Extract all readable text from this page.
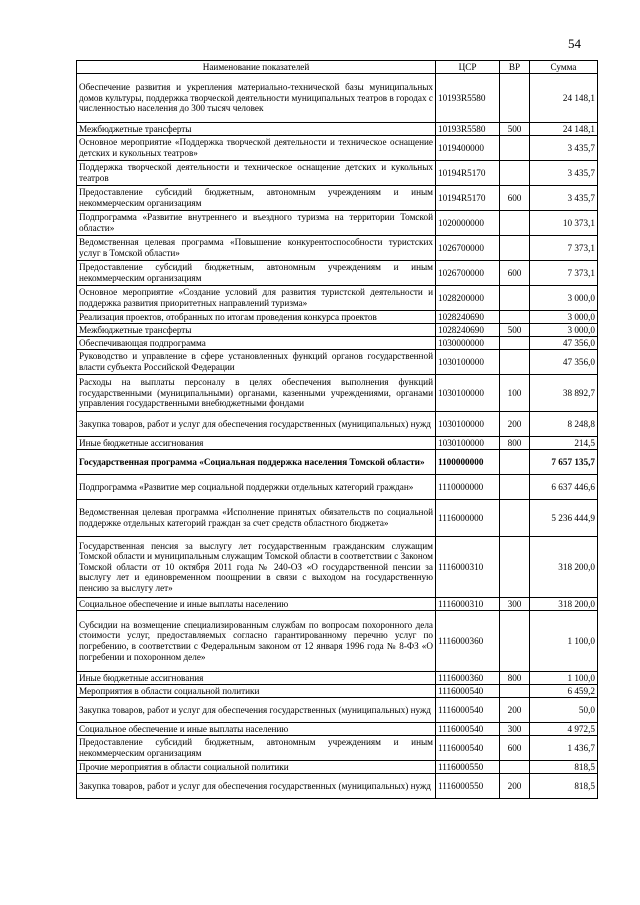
54
Наименование показателей	ЦСР	ВР	Сумма
Обеспечение развития и укрепления материально-технической базы муниципальных домов культуры, поддержка творческой деятельности муниципальных театров в городах с численностью населения до 300 тысяч человек	10193R5580		24 148,1
Межбюджетные трансферты	10193R5580	500	24 148,1
Основное мероприятие «Поддержка творческой деятельности и техническое оснащение детских и кукольных театров»	1019400000		3 435,7
Поддержка творческой деятельности и техническое оснащение детских и кукольных театров	10194R5170		3 435,7
Предоставление субсидий бюджетным, автономным учреждениям и иным некоммерческим организациям	10194R5170	600	3 435,7
Подпрограмма «Развитие внутреннего и въездного туризма на территории Томской области»	1020000000		10 373,1
Ведомственная целевая программа «Повышение конкурентоспособности туристских услуг в Томской области»	1026700000		7 373,1
Предоставление субсидий бюджетным, автономным учреждениям и иным некоммерческим организациям	1026700000	600	7 373,1
Основное мероприятие «Создание условий для развития туристской деятельности и поддержка развития приоритетных направлений туризма»	1028200000		3 000,0
Реализация проектов, отобранных по итогам проведения конкурса проектов	1028240690		3 000,0
Межбюджетные трансферты	1028240690	500	3 000,0
Обеспечивающая подпрограмма	1030000000		47 356,0
Руководство и управление в сфере установленных функций органов государственной власти субъекта Российской Федерации	1030100000		47 356,0
Расходы на выплаты персоналу в целях обеспечения выполнения функций государственными (муниципальными) органами, казенными учреждениями, органами управления государственными внебюджетными фондами	1030100000	100	38 892,7
Закупка товаров, работ и услуг для обеспечения государственных (муниципальных) нужд	1030100000	200	8 248,8
Иные бюджетные ассигнования	1030100000	800	214,5
Государственная программа «Социальная поддержка населения Томской области»	1100000000		7 657 135,7
Подпрограмма «Развитие мер социальной поддержки отдельных категорий граждан»	1110000000		6 637 446,6
Ведомственная целевая программа «Исполнение принятых обязательств по социальной поддержке отдельных категорий граждан за счет средств областного бюджета»	1116000000		5 236 444,9
Государственная пенсия за выслугу лет государственным гражданским служащим Томской области и муниципальным служащим Томской области в соответствии с Законом Томской области от 10 октября 2011 года № 240-ОЗ «О государственной пенсии за выслугу лет и единовременном поощрении в связи с выходом на государственную пенсию за выслугу лет»	1116000310		318 200,0
Социальное обеспечение и иные выплаты населению	1116000310	300	318 200,0
Субсидии на возмещение специализированным службам по вопросам похоронного дела стоимости услуг, предоставляемых согласно гарантированному перечню услуг по погребению, в соответствии с Федеральным законом от 12 января 1996 года № 8-ФЗ «О погребении и похоронном деле»	1116000360		1 100,0
Иные бюджетные ассигнования	1116000360	800	1 100,0
Мероприятия в области социальной политики	1116000540		6 459,2
Закупка товаров, работ и услуг для обеспечения государственных (муниципальных) нужд	1116000540	200	50,0
Социальное обеспечение и иные выплаты населению	1116000540	300	4 972,5
Предоставление субсидий бюджетным, автономным учреждениям и иным некоммерческим организациям	1116000540	600	1 436,7
Прочие мероприятия в области социальной политики	1116000550		818,5
Закупка товаров, работ и услуг для обеспечения государственных (муниципальных) нужд	1116000550	200	818,5
